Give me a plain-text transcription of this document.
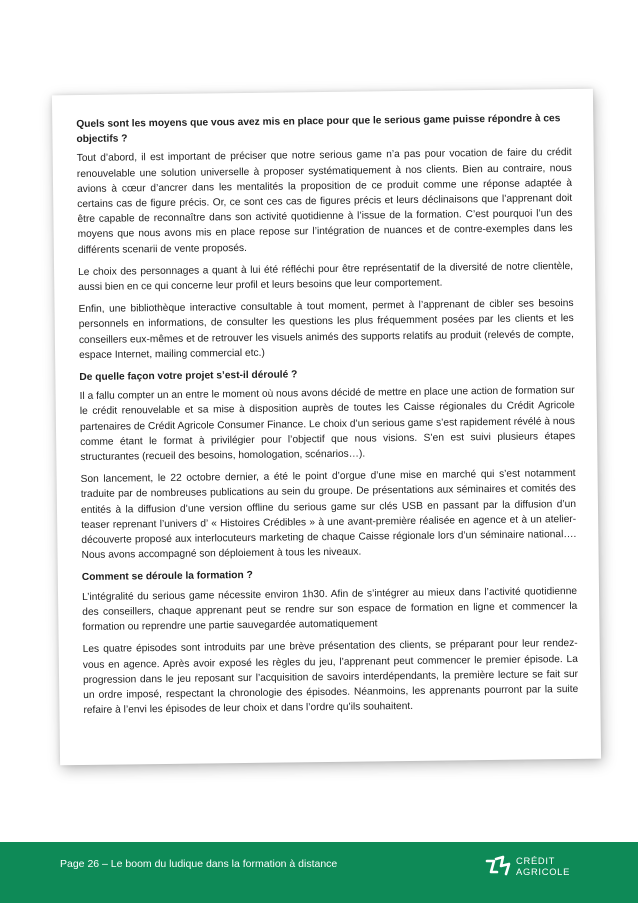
Quels sont les moyens que vous avez mis en place pour que le serious game puisse répondre à ces objectifs ?

Tout d’abord, il est important de préciser que notre serious game n’a pas pour vocation de faire du crédit renouvelable une solution universelle à proposer systématiquement à nos clients. Bien au contraire, nous avions à cœur d’ancrer dans les mentalités la proposition de ce produit comme une réponse adaptée à certains cas de figure précis. Or, ce sont ces cas de figures précis et leurs déclinaisons que l’apprenant doit être capable de reconnaître dans son activité quotidienne à l’issue de la formation. C’est pourquoi l’un des moyens que nous avons mis en place repose sur l’intégration de nuances et de contre-exemples dans les différents scenarii de vente proposés.

Le choix des personnages a quant à lui été réfléchi pour être représentatif de la diversité de notre clientèle, aussi bien en ce qui concerne leur profil et leurs besoins que leur comportement.

Enfin, une bibliothèque interactive consultable à tout moment, permet à l’apprenant de cibler ses besoins personnels en informations, de consulter les questions les plus fréquemment posées par les clients et les conseillers eux-mêmes et de retrouver les visuels animés des supports relatifs au produit (relevés de compte, espace Internet, mailing commercial etc.)

De quelle façon votre projet s’est-il déroulé ?

Il a fallu compter un an entre le moment où nous avons décidé de mettre en place une action de formation sur le crédit renouvelable et sa mise à disposition auprès de toutes les Caisse régionales du Crédit Agricole partenaires de Crédit Agricole Consumer Finance. Le choix d’un serious game s’est rapidement révélé à nous comme étant le format à privilégier pour l’objectif que nous visions. S’en est suivi plusieurs étapes structurantes (recueil des besoins, homologation, scénarios…).

Son lancement, le 22 octobre dernier, a été le point d’orgue d’une mise en marché qui s’est notamment traduite par de nombreuses publications au sein du groupe. De présentations aux séminaires et comités des entités à la diffusion d’une version offline du serious game sur clés USB en passant par la diffusion d’un teaser reprenant l’univers d’ « Histoires Crédibles » à une avant-première réalisée en agence et à un atelier-découverte proposé aux interlocuteurs marketing de chaque Caisse régionale lors d’un séminaire national…. Nous avons accompagné son déploiement à tous les niveaux.

Comment se déroule la formation ?

L’intégralité du serious game nécessite environ 1h30. Afin de s’intégrer au mieux dans l’activité quotidienne des conseillers, chaque apprenant peut se rendre sur son espace de formation en ligne et commencer la formation ou reprendre une partie sauvegardée automatiquement

Les quatre épisodes sont introduits par une brève présentation des clients, se préparant pour leur rendez-vous en agence. Après avoir exposé les règles du jeu, l’apprenant peut commencer le premier épisode. La progression dans le jeu reposant sur l’acquisition de savoirs interdépendants, la première lecture se fait sur un ordre imposé, respectant la chronologie des épisodes. Néanmoins, les apprenants pourront par la suite refaire à l’envi les épisodes de leur choix et dans l’ordre qu’ils souhaitent.

Page 26 – Le boom du ludique dans la formation à distance	CRÉDIT
AGRICOLE
